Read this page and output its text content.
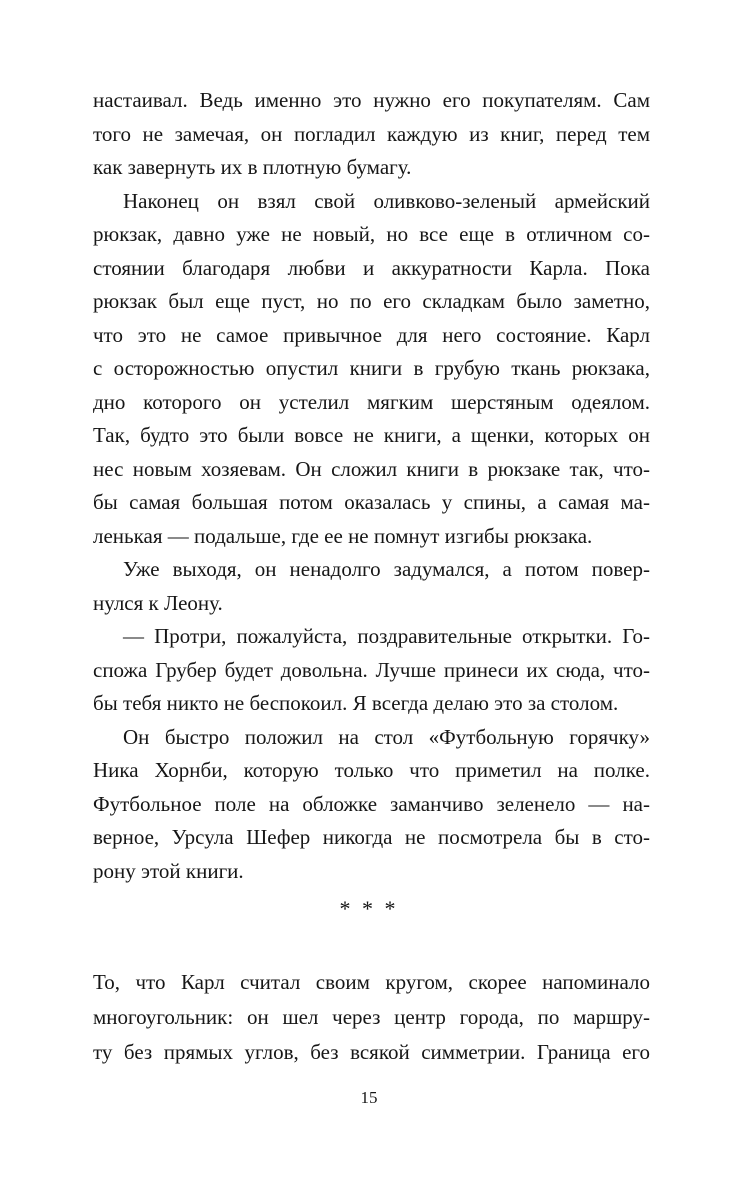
настаивал. Ведь именно это нужно его покупателям. Сам
того не замечая, он погладил каждую из книг, перед тем
как завернуть их в плотную бумагу.
Наконец он взял свой оливково-зеленый армейский
рюкзак, давно уже не новый, но все еще в отличном со-
стоянии благодаря любви и аккуратности Карла. Пока
рюкзак был еще пуст, но по его складкам было заметно,
что это не самое привычное для него состояние. Карл
с осторожностью опустил книги в грубую ткань рюкзака,
дно которого он устелил мягким шерстяным одеялом.
Так, будто это были вовсе не книги, а щенки, которых он
нес новым хозяевам. Он сложил книги в рюкзаке так, что-
бы самая большая потом оказалась у спины, а самая ма-
ленькая — подальше, где ее не помнут изгибы рюкзака.
Уже выходя, он ненадолго задумался, а потом повер-
нулся к Леону.
— Протри, пожалуйста, поздравительные открытки. Го-
спожа Грубер будет довольна. Лучше принеси их сюда, что-
бы тебя никто не беспокоил. Я всегда делаю это за столом.
Он быстро положил на стол «Футбольную горячку»
Ника Хорнби, которую только что приметил на полке.
Футбольное поле на обложке заманчиво зеленело — на-
верное, Урсула Шефер никогда не посмотрела бы в сто-
рону этой книги.
* * *
То, что Карл считал своим кругом, скорее напоминало
многоугольник: он шел через центр города, по маршру-
ту без прямых углов, без всякой симметрии. Граница его
15
